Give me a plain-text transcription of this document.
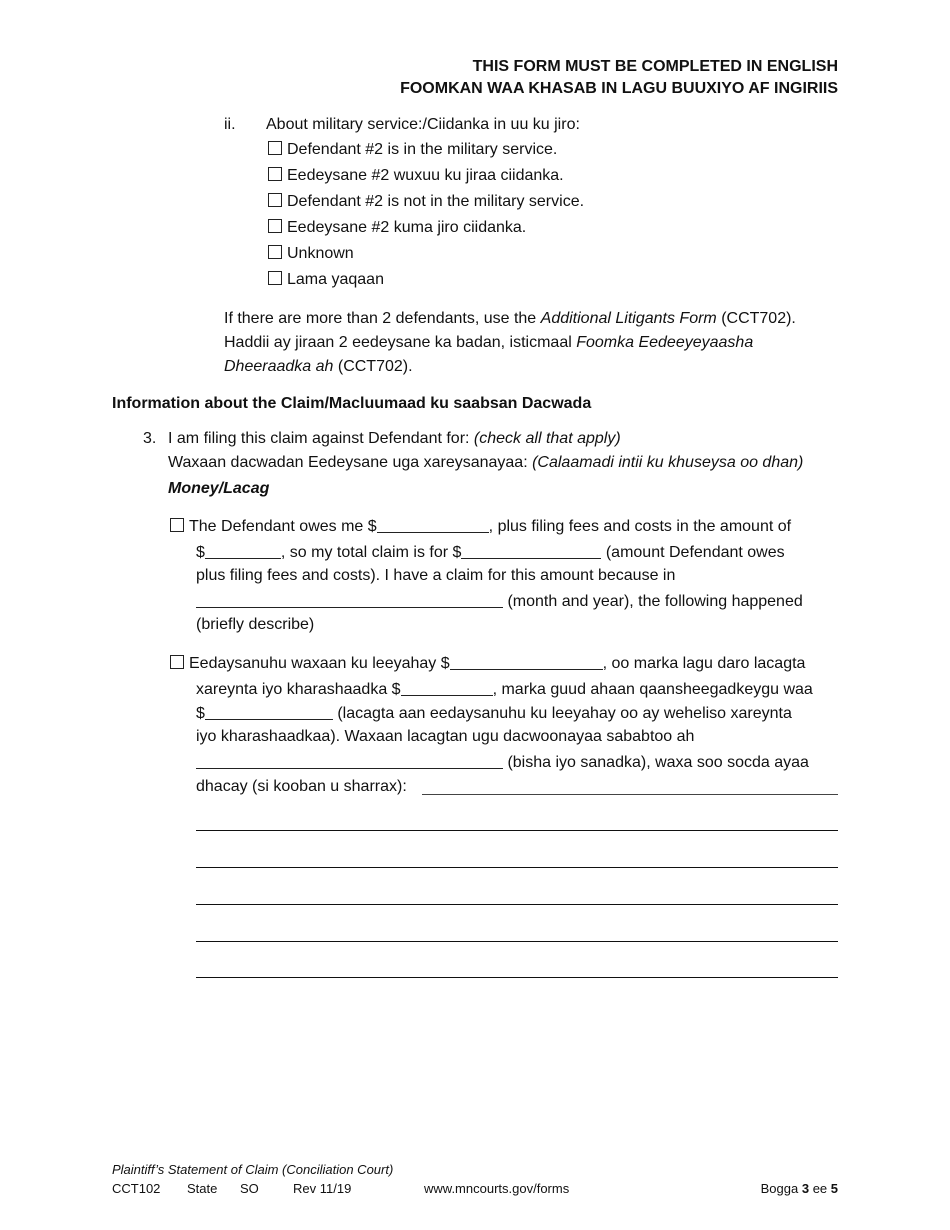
THIS FORM MUST BE COMPLETED IN ENGLISH
FOOMKAN WAA KHASAB IN LAGU BUUXIYO AF INGIRIIS
ii. About military service:/Ciidanka in uu ku jiro:
Defendant #2 is in the military service.
Eedeysane #2 wuxuu ku jiraa ciidanka.
Defendant #2 is not in the military service.
Eedeysane #2 kuma jiro ciidanka.
Unknown
Lama yaqaan
If there are more than 2 defendants, use the Additional Litigants Form (CCT702).
Haddii ay jiraan 2 eedeysane ka badan, isticmaal Foomka Eedeeyeyaasha
Dheeraadka ah (CCT702).
Information about the Claim/Macluumaad ku saabsan Dacwada
3. I am filing this claim against Defendant for: (check all that apply)
Waxaan dacwadan Eedeysane uga xareysanayaa: (Calaamadi intii ku khuseysa oo dhan)
Money/Lacag
The Defendant owes me $	, plus filing fees and costs in the amount of
$	, so my total claim is for $	(amount Defendant owes
plus filing fees and costs). I have a claim for this amount because in
(month and year), the following happened
(briefly describe)
Eedaysanuhu waxaan ku leeyahay $	, oo marka lagu daro lacagta
xareynta iyo kharashaadka $	, marka guud ahaan qaansheegadkeygu waa
$	(lacagta aan eedaysanuhu ku leeyahay oo ay weheliso xareynta
iyo kharashaadkaa). Waxaan lacagtan ugu dacwoonayaa sababtoo ah
(bisha iyo sanadka), waxa soo socda ayaa
dhacay (si kooban u sharrax):
Plaintiff’s Statement of Claim (Conciliation Court)
CCT102 State SO	Rev 11/19	www.mncourts.gov/forms	Bogga 3 ee 5
